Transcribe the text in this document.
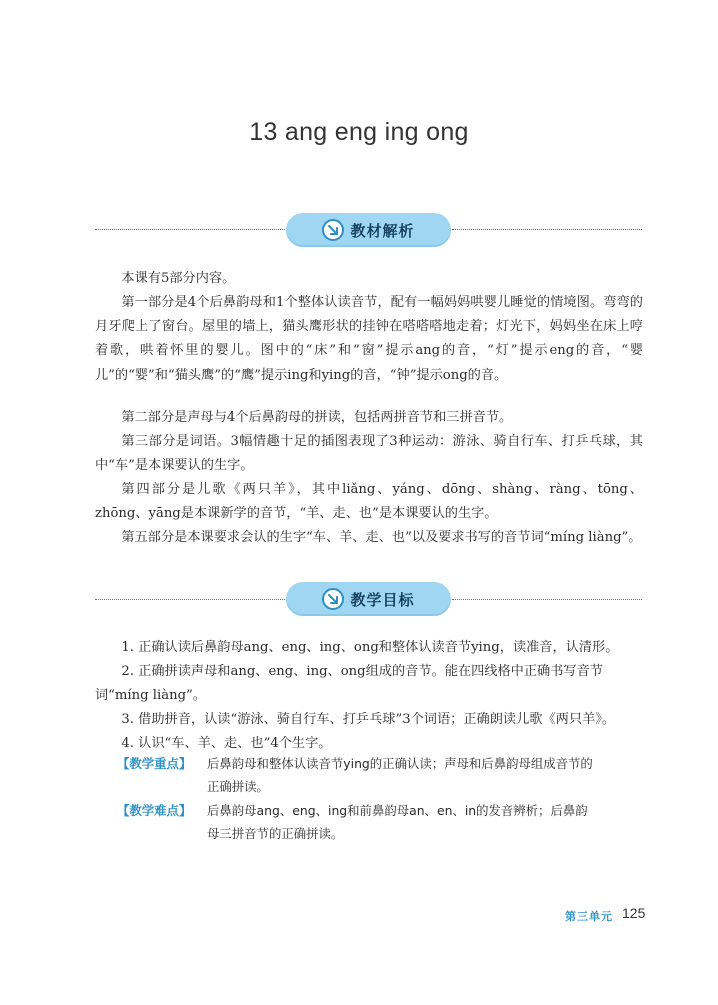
13 ang eng ing ong
教材解析

本课有5部分内容。

第一部分是4个后鼻韵母和1个整体认读音节，配有一幅妈妈哄婴儿睡觉的情境图。弯弯的月牙爬上了窗台。屋里的墙上，猫头鹰形状的挂钟在嗒嗒嗒地走着；灯光下，妈妈坐在床上哼着歌，哄着怀里的婴儿。图中的“床”和“窗”提示ang的音，“灯”提示eng的音，“婴儿”的“婴”和“猫头鹰”的“鹰”提示ing和ying的音，“钟”提示ong的音。

第二部分是声母与4个后鼻韵母的拼读，包括两拼音节和三拼音节。

第三部分是词语。3幅情趣十足的插图表现了3种运动：游泳、骑自行车、打乒乓球，其中“车”是本课要认的生字。

第四部分是儿歌《两只羊》，其中liǎng、yáng、dōng、shàng、ràng、tōng、zhōng、yāng是本课新学的音节，“羊、走、也”是本课要认的生字。

第五部分是本课要求会认的生字“车、羊、走、也”以及要求书写的音节词“míng liàng”。

教学目标

1. 正确认读后鼻韵母ang、eng、ing、ong和整体认读音节ying，读准音，认清形。

2. 正确拼读声母和ang、eng、ing、ong组成的音节。能在四线格中正确书写音节词“míng liàng”。

3. 借助拼音，认读“游泳、骑自行车、打乒乓球”3个词语；正确朗读儿歌《两只羊》。

4. 认识“车、羊、走、也”4个生字。

【教学重点】 后鼻韵母和整体认读音节ying的正确认读；声母和后鼻韵母组成音节的
正确拼读。
【教学难点】 后鼻韵母ang、eng、ing和前鼻韵母an、en、in的发音辨析；后鼻韵
母三拼音节的正确拼读。
第三单元 125
